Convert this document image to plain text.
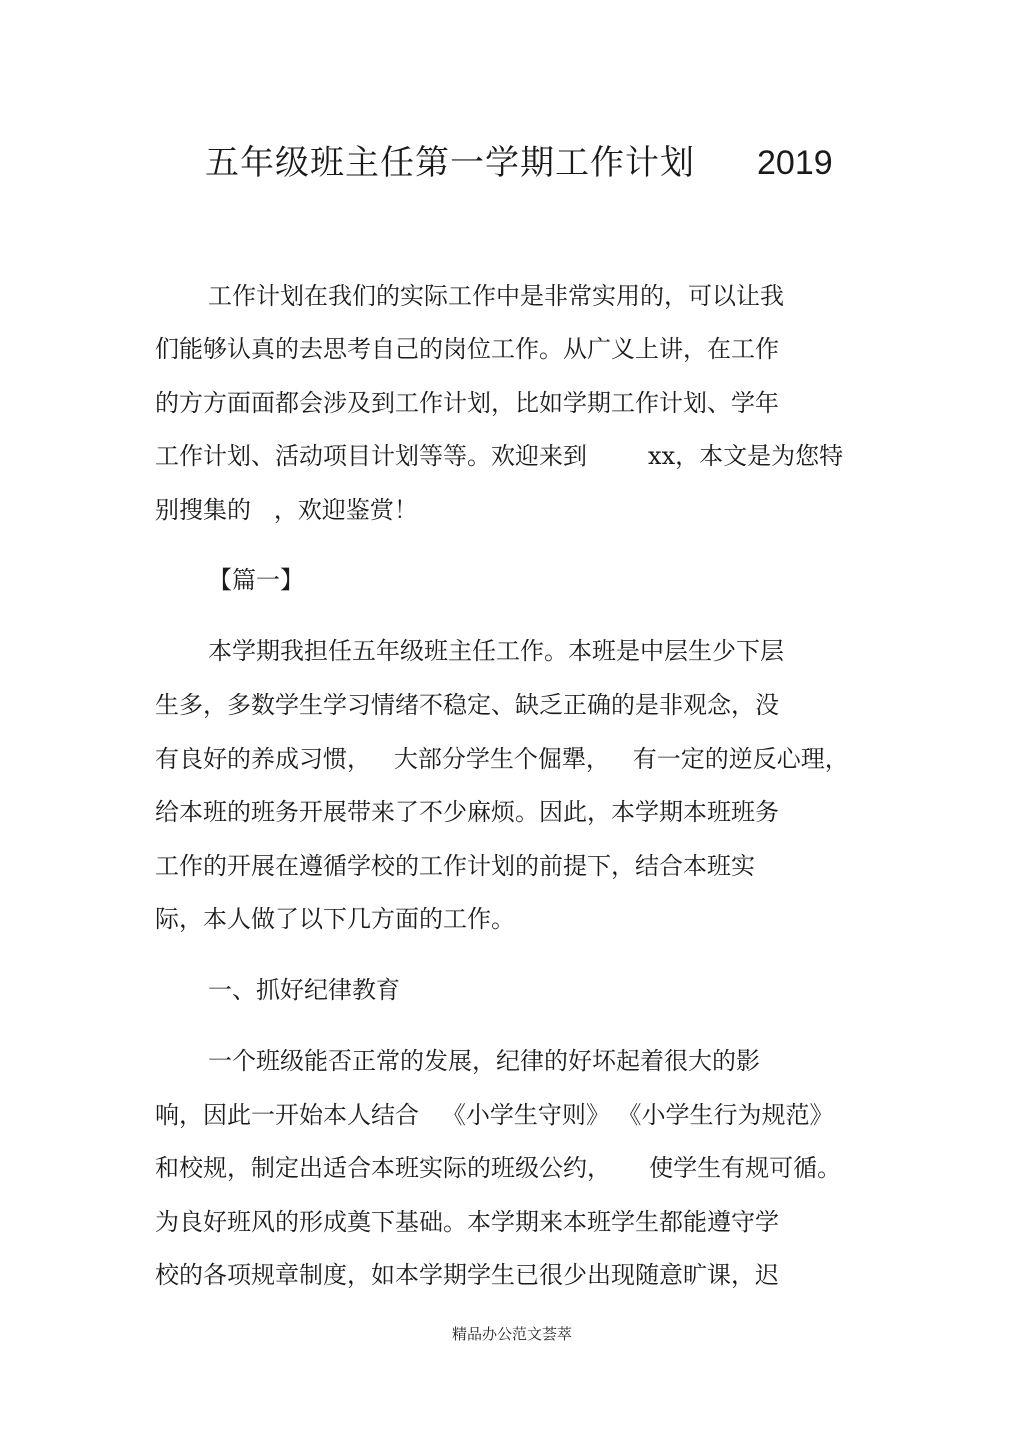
五年级班主任第一学期工作计划 2019
工作计划在我们的实际工作中是非常实用的，可以让我
们能够认真的去思考自己的岗位工作。从广义上讲，在工作
的方方面面都会涉及到工作计划，比如学期工作计划、学年
工作计划、活动项目计划等等。欢迎来到        xx，本文是为您特
别搜集的   ，欢迎鉴赏！
【篇一】
本学期我担任五年级班主任工作。本班是中层生少下层
生多，多数学生学习情绪不稳定、缺乏正确的是非观念，没
有良好的养成习惯，   大部分学生个倔犟，   有一定的逆反心理，
给本班的班务开展带来了不少麻烦。因此，本学期本班班务
工作的开展在遵循学校的工作计划的前提下，结合本班实
际，本人做了以下几方面的工作。
一、抓好纪律教育
一个班级能否正常的发展，纪律的好坏起着很大的影
响，因此一开始本人结合   《小学生守则》 《小学生行为规范》
和校规，制定出适合本班实际的班级公约，     使学生有规可循。
为良好班风的形成奠下基础。本学期来本班学生都能遵守学
校的各项规章制度，如本学期学生已很少出现随意旷课，迟
精品办公范文荟萃
